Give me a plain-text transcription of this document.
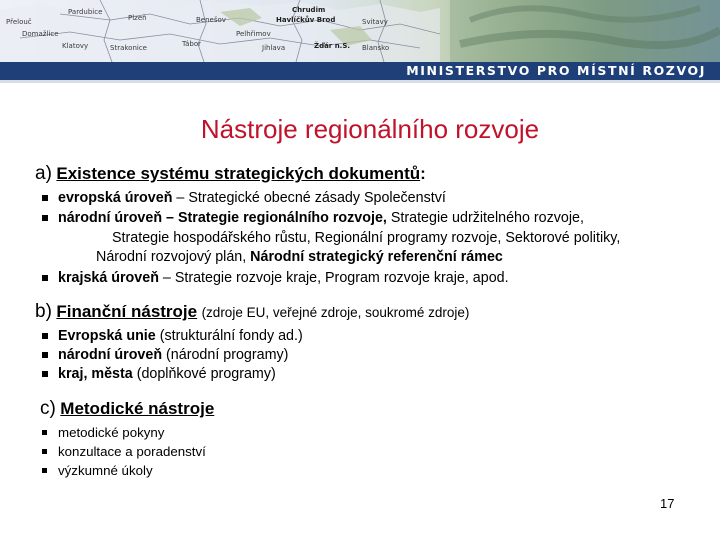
Pardubice
Přelouč
Chrudim
Plzeň
Pelhřimov
Jihlava
Havlíčkův Brod
Tábor
Strakonice	Blansko
Žďár n.S.
Svitavy
Klatovy
Domažlice
Benešov
MINISTERSTVO PRO MÍSTNÍ ROZVOJ
Nástroje regionálního rozvoje
a) Existence systému strategických dokumentů:
evropská úroveň – Strategické obecné zásady Společenství
národní úroveň – Strategie regionálního rozvoje, Strategie udržitelného rozvoje,
Strategie hospodářského růstu, Regionální programy rozvoje, Sektorové politiky,
Národní rozvojový plán, Národní strategický referenční rámec
krajská úroveň – Strategie rozvoje kraje, Program rozvoje kraje, apod.
b) Finanční nástroje (zdroje EU, veřejné zdroje, soukromé zdroje)
Evropská unie (strukturální fondy ad.)
národní úroveň (národní programy)
kraj, města (doplňkové programy)
c) Metodické nástroje
metodické pokyny
konzultace a poradenství
výzkumné úkoly
17
